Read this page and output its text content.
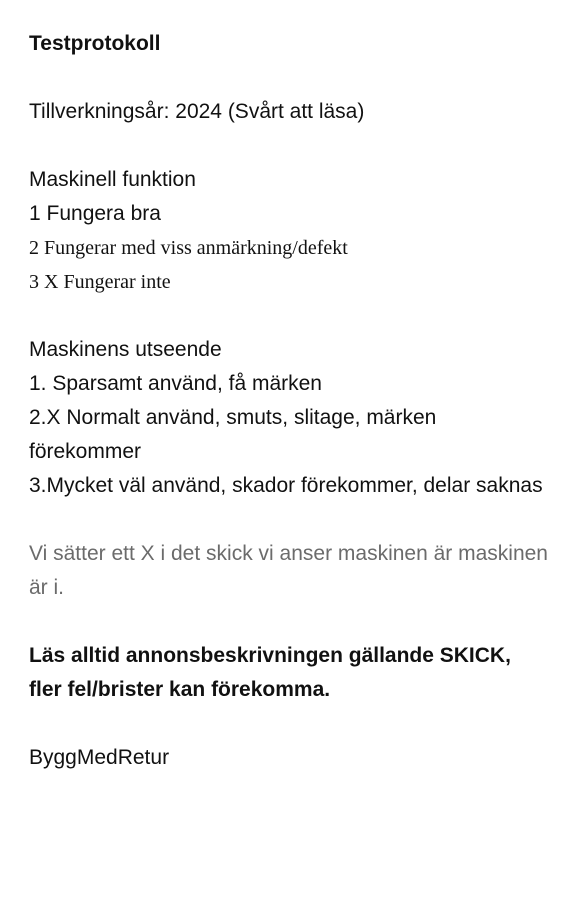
Testprotokoll
Tillverkningsår: 2024 (Svårt att läsa)
Maskinell funktion
1 Fungera bra
2 Fungerar med viss anmärkning/defekt
3 X Fungerar inte
Maskinens utseende
1. Sparsamt använd, få märken
2.X Normalt använd, smuts, slitage, märken förekommer
3.Mycket väl använd, skador förekommer, delar saknas
Vi sätter ett X i det skick vi anser maskinen är maskinen är i.
Läs alltid annonsbeskrivningen gällande SKICK, fler fel/brister kan förekomma.
ByggMedRetur
